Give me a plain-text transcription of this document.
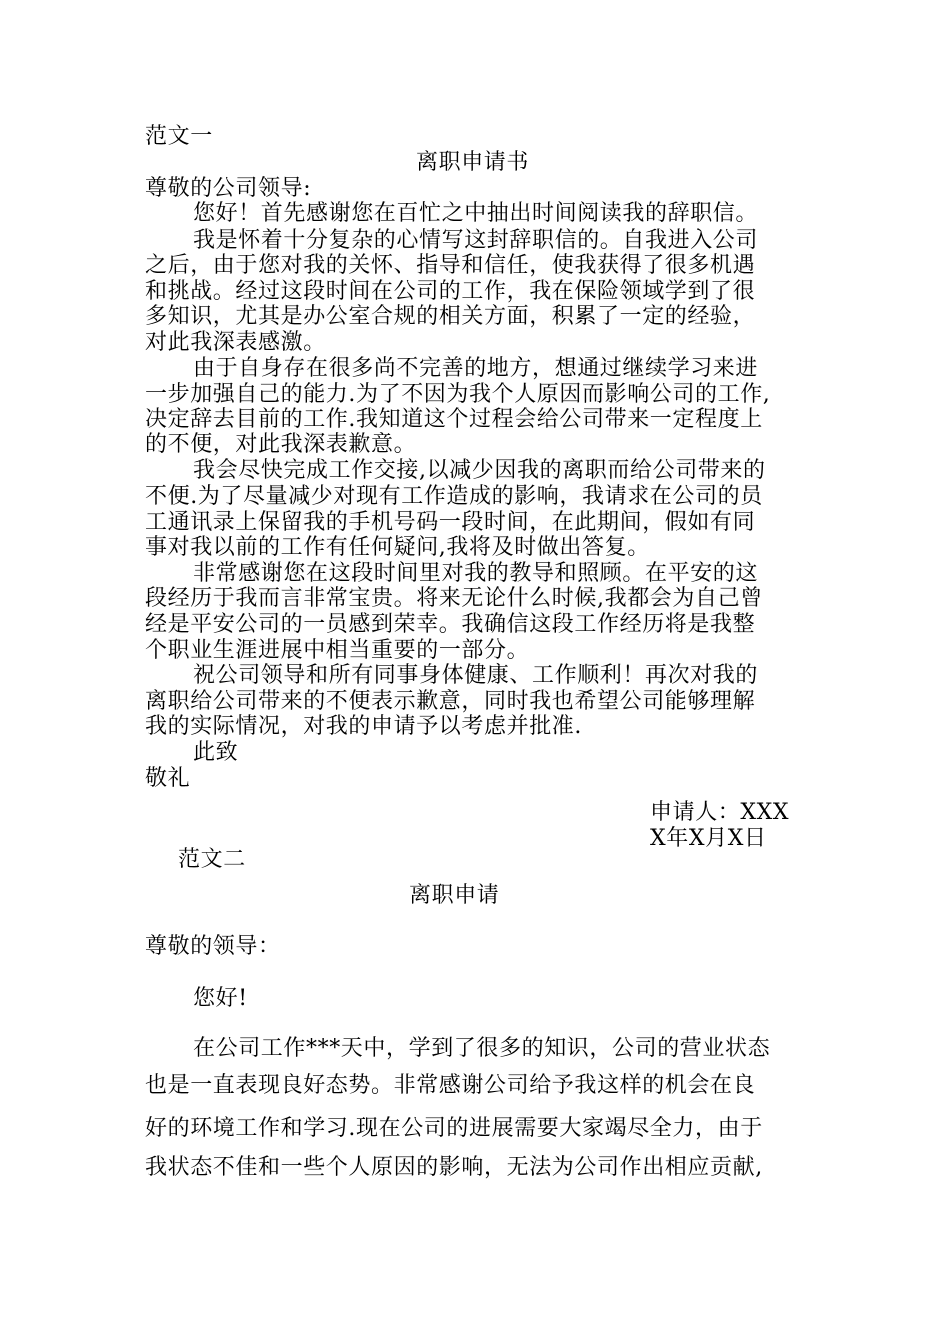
范文一
离职申请书
尊敬的公司领导:
您好！首先感谢您在百忙之中抽出时间阅读我的辞职信。
我是怀着十分复杂的心情写这封辞职信的。自我进入公司
之后，由于您对我的关怀、指导和信任，使我获得了很多机遇
和挑战。经过这段时间在公司的工作，我在保险领域学到了很
多知识，尤其是办公室合规的相关方面，积累了一定的经验，
对此我深表感激。
由于自身存在很多尚不完善的地方，想通过继续学习来进
一步加强自己的能力.为了不因为我个人原因而影响公司的工作,
决定辞去目前的工作.我知道这个过程会给公司带来一定程度上
的不便，对此我深表歉意。
我会尽快完成工作交接,以减少因我的离职而给公司带来的
不便.为了尽量减少对现有工作造成的影响，我请求在公司的员
工通讯录上保留我的手机号码一段时间，在此期间，假如有同
事对我以前的工作有任何疑问,我将及时做出答复。
非常感谢您在这段时间里对我的教导和照顾。在平安的这
段经历于我而言非常宝贵。将来无论什么时候,我都会为自己曾
经是平安公司的一员感到荣幸。我确信这段工作经历将是我整
个职业生涯进展中相当重要的一部分。
祝公司领导和所有同事身体健康、工作顺利！再次对我的
离职给公司带来的不便表示歉意，同时我也希望公司能够理解
我的实际情况，对我的申请予以考虑并批准.
此致
敬礼
申请人：XXX
X年X月X日
范文二
离职申请
尊敬的领导：
您好!
在公司工作***天中，学到了很多的知识，公司的营业状态
也是一直表现良好态势。非常感谢公司给予我这样的机会在良
好的环境工作和学习.现在公司的进展需要大家竭尽全力，由于
我状态不佳和一些个人原因的影响，无法为公司作出相应贡献,
